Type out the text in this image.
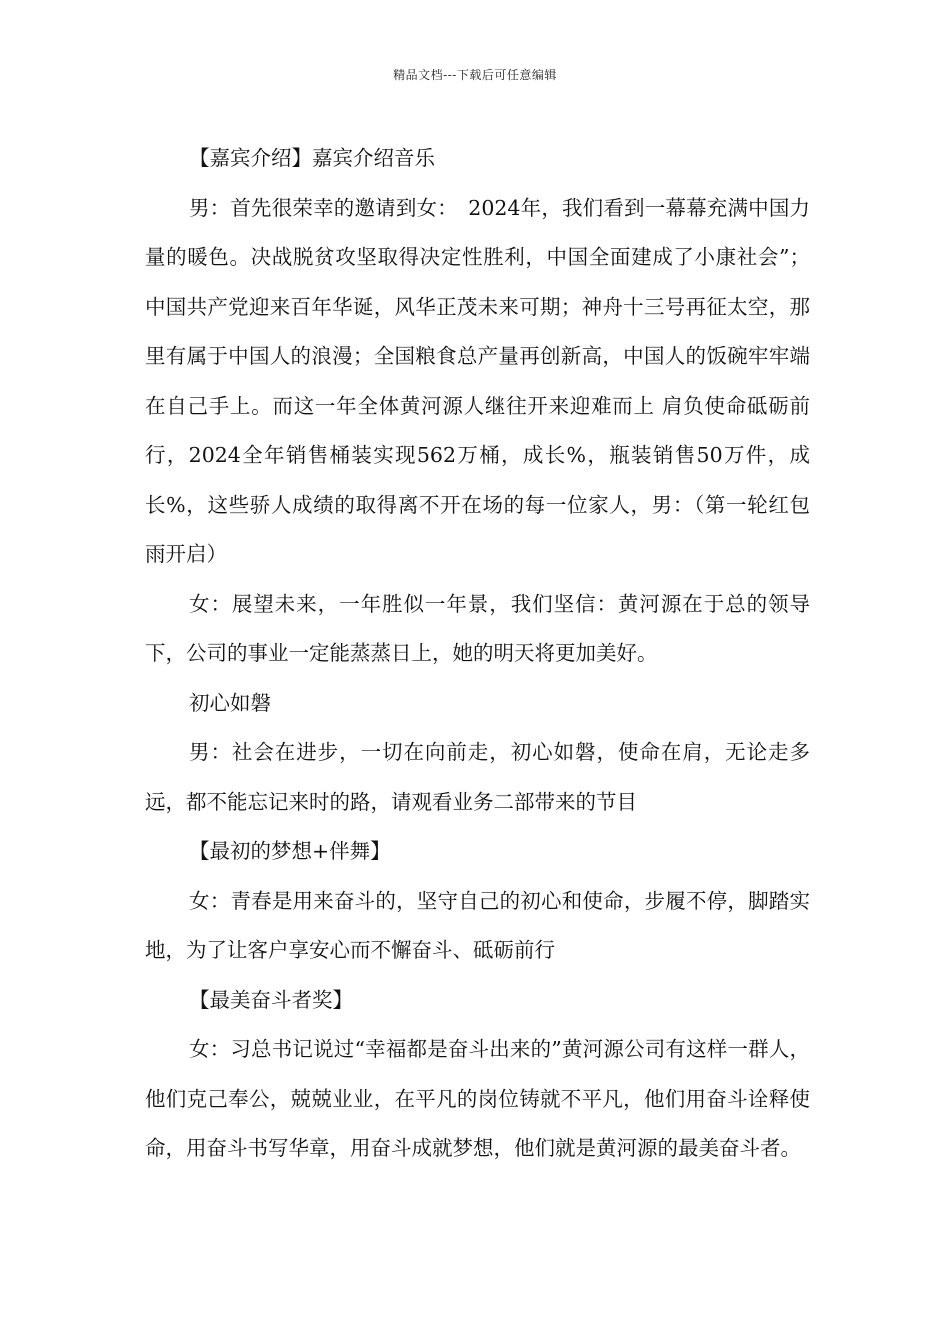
精品文档---下载后可任意编辑

【嘉宾介绍】嘉宾介绍音乐

男：首先很荣幸的邀请到女：　2024年，我们看到一幕幕充满中国力量的暖色。决战脱贫攻坚取得决定性胜利，中国全面建成了小康社会”；中国共产党迎来百年华诞，风华正茂未来可期；神舟十三号再征太空，那里有属于中国人的浪漫；全国粮食总产量再创新高，中国人的饭碗牢牢端在自己手上。而这一年全体黄河源人继往开来迎难而上 肩负使命砥砺前行，2024全年销售桶装实现562万桶，成长%，瓶装销售50万件，成长%，这些骄人成绩的取得离不开在场的每一位家人，男：（第一轮红包雨开启）

女：展望未来，一年胜似一年景，我们坚信：黄河源在于总的领导下，公司的事业一定能蒸蒸日上，她的明天将更加美好。

初心如磐

男：社会在进步，一切在向前走，初心如磐，使命在肩，无论走多远，都不能忘记来时的路，请观看业务二部带来的节目

【最初的梦想+伴舞】

女：青春是用来奋斗的，坚守自己的初心和使命，步履不停，脚踏实地，为了让客户享安心而不懈奋斗、砥砺前行

【最美奋斗者奖】

女：习总书记说过“幸福都是奋斗出来的”黄河源公司有这样一群人，他们克己奉公，兢兢业业，在平凡的岗位铸就不平凡，他们用奋斗诠释使命，用奋斗书写华章，用奋斗成就梦想，他们就是黄河源的最美奋斗者。
